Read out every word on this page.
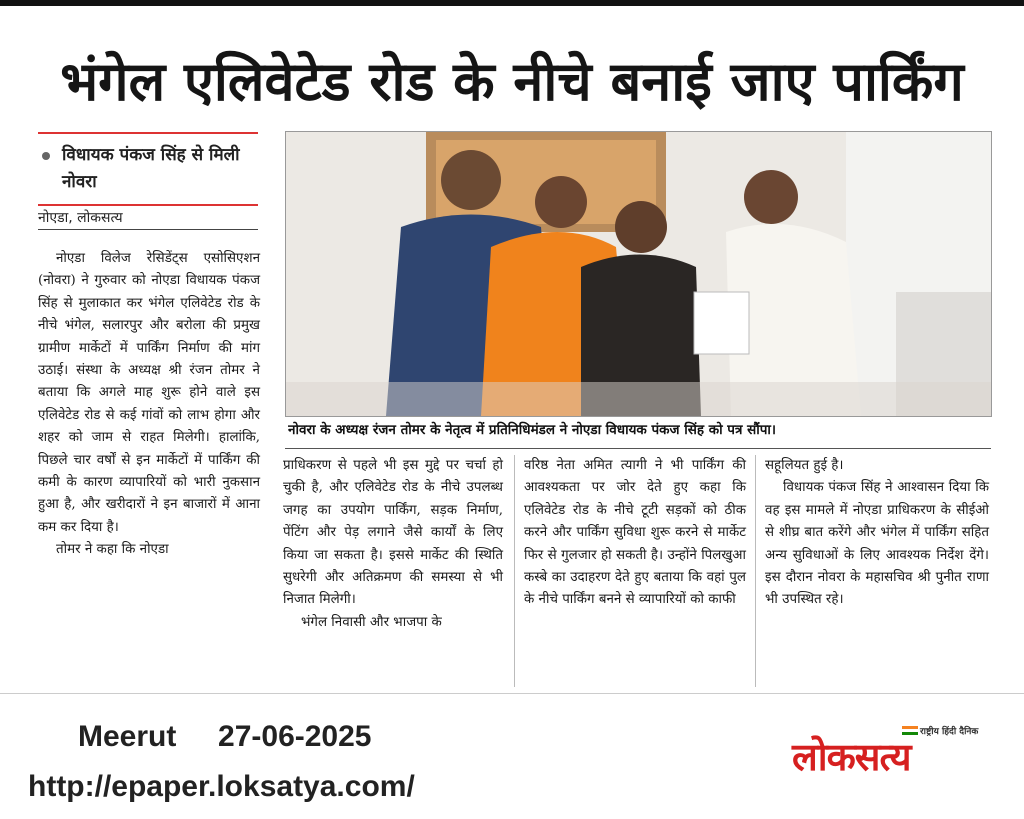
भंगेल एलिवेटेड रोड के नीचे बनाई जाए पार्किंग
विधायक पंकज सिंह से मिली नोवरा
नोएडा, लोकसत्य

नोएडा विलेज रेसिडेंट्स एसोसिएशन (नोवरा) ने गुरुवार को नोएडा विधायक पंकज सिंह से मुलाकात कर भंगेल एलिवेटेड रोड के नीचे भंगेल, सलारपुर और बरोला की प्रमुख ग्रामीण मार्केटों में पार्किंग निर्माण की मांग उठाई। संस्था के अध्यक्ष श्री रंजन तोमर ने बताया कि अगले माह शुरू होने वाले इस एलिवेटेड रोड से कई गांवों को लाभ होगा और शहर को जाम से राहत मिलेगी। हालांकि, पिछले चार वर्षों से इन मार्केटों में पार्किंग की कमी के कारण व्यापारियों को भारी नुकसान हुआ है, और खरीदारों ने इन बाजारों में आना कम कर दिया है।

तोमर ने कहा कि नोएडा

नोवरा के अध्यक्ष रंजन तोमर के नेतृत्व में प्रतिनिधिमंडल ने नोएडा विधायक पंकज सिंह को पत्र सौंपा।

प्राधिकरण से पहले भी इस मुद्दे पर चर्चा हो चुकी है, और एलिवेटेड रोड के नीचे उपलब्ध जगह का उपयोग पार्किंग, सड़क निर्माण, पेंटिंग और पेड़ लगाने जैसे कार्यों के लिए किया जा सकता है। इससे मार्केट की स्थिति सुधरेगी और अतिक्रमण की समस्या से भी निजात मिलेगी।

भंगेल निवासी और भाजपा के

वरिष्ठ नेता अमित त्यागी ने भी पार्किंग की आवश्यकता पर जोर देते हुए कहा कि एलिवेटेड रोड के नीचे टूटी सड़कों को ठीक करने और पार्किंग सुविधा शुरू करने से मार्केट फिर से गुलजार हो सकती है। उन्होंने पिलखुआ कस्बे का उदाहरण देते हुए बताया कि वहां पुल के नीचे पार्किंग बनने से व्यापारियों को काफी

सहूलियत हुई है।

विधायक पंकज सिंह ने आश्वासन दिया कि वह इस मामले में नोएडा प्राधिकरण के सीईओ से शीघ्र बात करेंगे और भंगेल में पार्किंग सहित अन्य सुविधाओं के लिए आवश्यक निर्देश देंगे। इस दौरान नोवरा के महासचिव श्री पुनीत राणा भी उपस्थित रहे।

Meerut     27-06-2025
http://epaper.loksatya.com/
राष्ट्रीय हिंदी दैनिक
लोकसत्य
